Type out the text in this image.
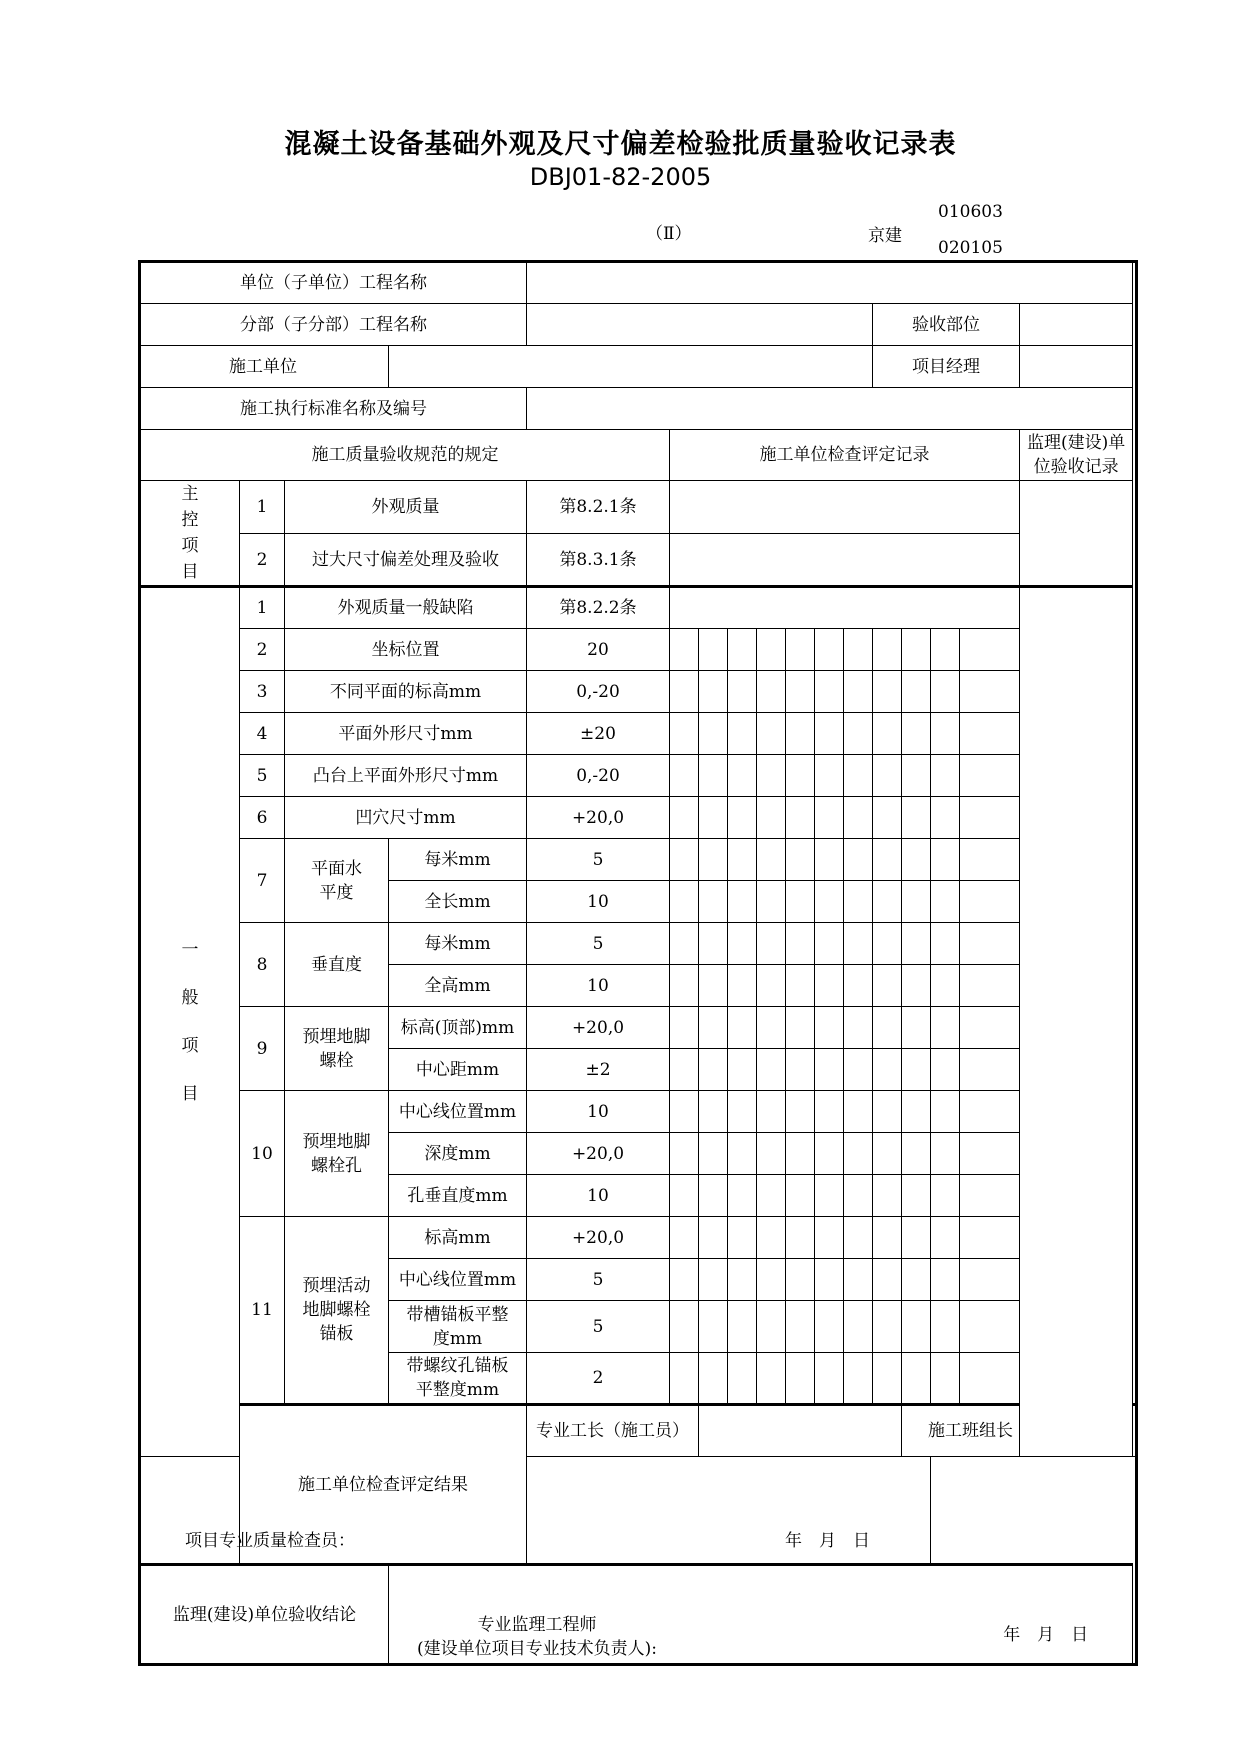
混凝土设备基础外观及尺寸偏差检验批质量验收记录表
DBJ01-82-2005
（Ⅱ）	京建
010603
020105
单位（子单位）工程名称																
分部（子分部）工程名称												验收部位				
施工单位												项目经理				
施工执行标准名称及编号																
施工质量验收规范的规定					施工单位检查评定记录											监理(建设)单位验收记录
主控项目	1	外观质量		第8.2.1条												
	2	过大尺寸偏差处理及验收		第8.3.1条												
一般项目	1	外观质量一般缺陷		第8.2.2条												
	2	坐标位置		20												
	3	不同平面的标高mm		0,-20												
	4	平面外形尺寸mm		±20												
	5	凸台上平面外形尺寸mm		0,-20												
	6	凹穴尺寸mm		+20,0												
	7	平面水平度	每米mm	5												
			全长mm	10												
	8	垂直度	每米mm	5												
			全高mm	10												
	9	预埋地脚螺栓	标高(顶部)mm	+20,0												
			中心距mm	±2												
	10	预埋地脚螺栓孔	中心线位置mm	10												
			深度mm	+20,0												
			孔垂直度mm	10												
	11	预埋活动地脚螺栓锚板	标高mm	+20,0												
			中心线位置mm	5												
			带槽锚板平整度mm	5												
			带螺纹孔锚板平整度mm	2												
	施工单位检查评定结果			专业工长（施工员）									施工班组长			

项目专业质量检查员： 年　月　日																

监理(建设)单位验收结论			专业监理工程师
(建设单位项目专业技术负责人):
年　月　日													
